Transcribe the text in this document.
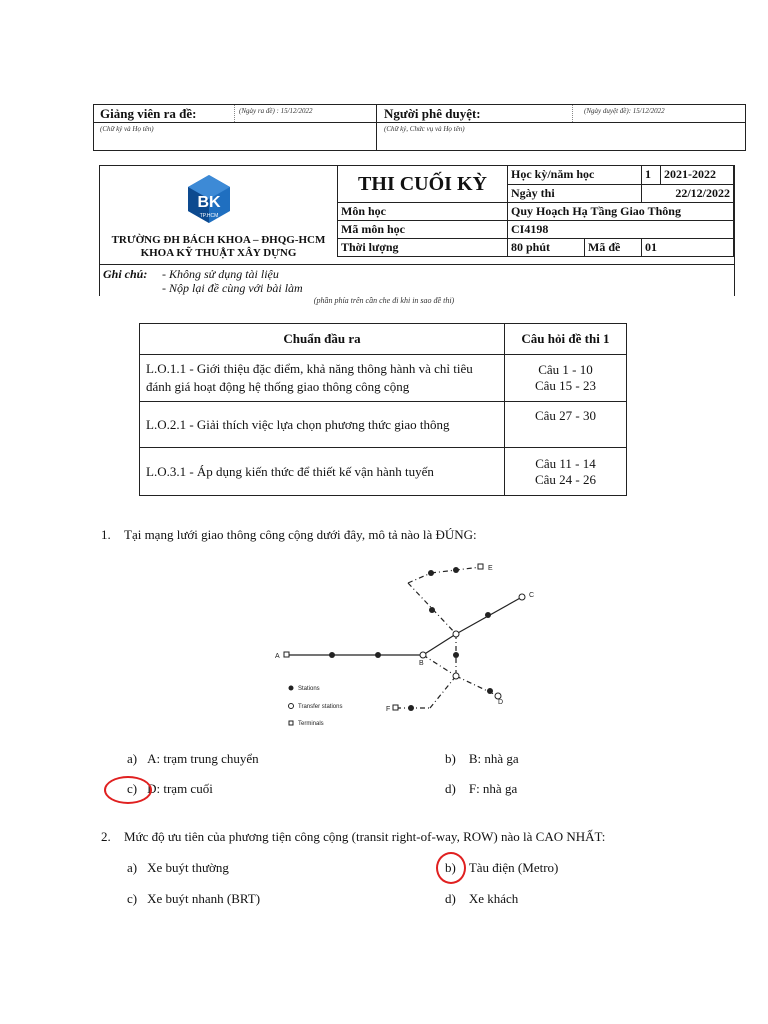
Giảng viên ra đề:	(Ngày ra đề) : 15/12/2022
(Chữ ký và Họ tên)
Người phê duyệt:	(Ngày duyệt đề): 15/12/2022
(Chữ ký, Chức vụ và Họ tên)
BK
TP.HCM
TRƯỜNG ĐH BÁCH KHOA – ĐHQG-HCM
KHOA KỸ THUẬT XÂY DỰNG
THI CUỐI KỲ	Học kỳ/năm học		1	2021-2022
	Ngày thi		22/12/2022	
Môn học	Quy Hoạch Hạ Tầng Giao Thông			
Mã môn học	CI4198			
Thời lượng	80 phút	Mã đề	01	
Ghi chú: - Không sử dụng tài liệu
- Nộp lại đề cùng với bài làm
(phần phía trên cần che đi khi in sao đề thi)
Chuẩn đầu ra	Câu hỏi đề thi 1
L.O.1.1 - Giới thiệu đặc điểm, khả năng thông hành và chỉ tiêu đánh giá hoạt động hệ thống giao thông công cộng	Câu 1 - 10
Câu 15 - 23

L.O.2.1 - Giải thích việc lựa chọn phương thức giao thông	Câu 27 - 30

L.O.3.1 - Áp dụng kiến thức để thiết kế vận hành tuyến	Câu 11 - 14
Câu 24 - 26
1. Tại mạng lưới giao thông công cộng dưới đây, mô tả nào là ĐÚNG:
A
B
C
D
E
F
Stations
Transfer stations
Terminals
a) A: trạm trung chuyển	b) B: nhà ga
c) D: trạm cuối	d) F: nhà ga
2. Mức độ ưu tiên của phương tiện công cộng (transit right-of-way, ROW) nào là CAO NHẤT:
a) Xe buýt thường	b) Tàu điện (Metro)
c) Xe buýt nhanh (BRT)	d) Xe khách
